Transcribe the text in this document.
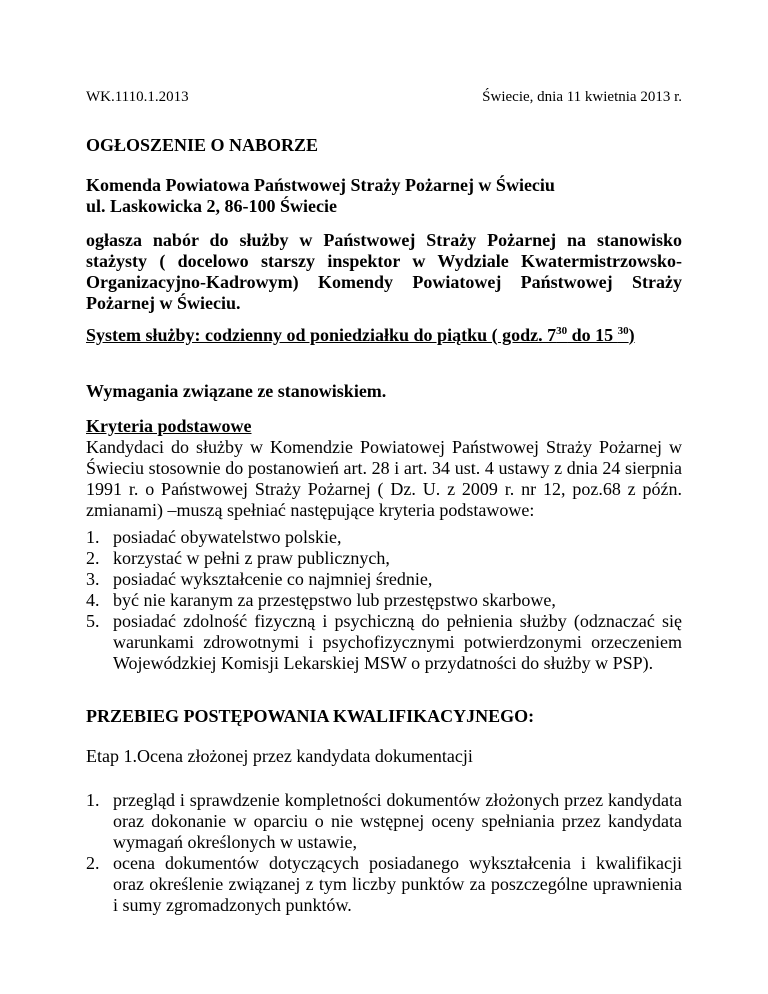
WK.1110.1.2013	Świecie, dnia 11 kwietnia 2013 r.
OGŁOSZENIE O NABORZE
Komenda Powiatowa Państwowej Straży Pożarnej w Świeciu
ul. Laskowicka 2, 86-100 Świecie
ogłasza nabór do służby w Państwowej Straży Pożarnej na stanowisko stażysty ( docelowo starszy inspektor w Wydziale Kwatermistrzowsko-Organizacyjno-Kadrowym) Komendy Powiatowej Państwowej Straży Pożarnej w Świeciu.
System służby: codzienny od poniedziałku do piątku ( godz. $7^{30}$ do 15 $^{30}$)
Wymagania związane ze stanowiskiem.
Kryteria podstawowe
Kandydaci do służby w Komendzie Powiatowej Państwowej Straży Pożarnej w Świeciu stosownie do postanowień art. 28 i art. 34 ust. 4 ustawy z dnia 24 sierpnia 1991 r. o Państwowej Straży Pożarnej ( Dz. U. z 2009 r. nr 12, poz.68 z późn. zmianami) –muszą spełniać następujące kryteria podstawowe:
1. posiadać obywatelstwo polskie,
2. korzystać w pełni z praw publicznych,
3. posiadać wykształcenie co najmniej średnie,
4. być nie karanym za przestępstwo lub przestępstwo skarbowe,
5. posiadać zdolność fizyczną i psychiczną do pełnienia służby (odznaczać się warunkami zdrowotnymi i psychofizycznymi potwierdzonymi orzeczeniem Wojewódzkiej Komisji Lekarskiej MSW o przydatności do służby w PSP).
PRZEBIEG POSTĘPOWANIA KWALIFIKACYJNEGO:
Etap 1.Ocena złożonej przez kandydata dokumentacji
1. przegląd i sprawdzenie kompletności dokumentów złożonych przez kandydata oraz dokonanie w oparciu o nie wstępnej oceny spełniania przez kandydata wymagań określonych w ustawie,
2. ocena dokumentów dotyczących posiadanego wykształcenia i kwalifikacji oraz określenie związanej z tym liczby punktów za poszczególne uprawnienia i sumy zgromadzonych punktów.
